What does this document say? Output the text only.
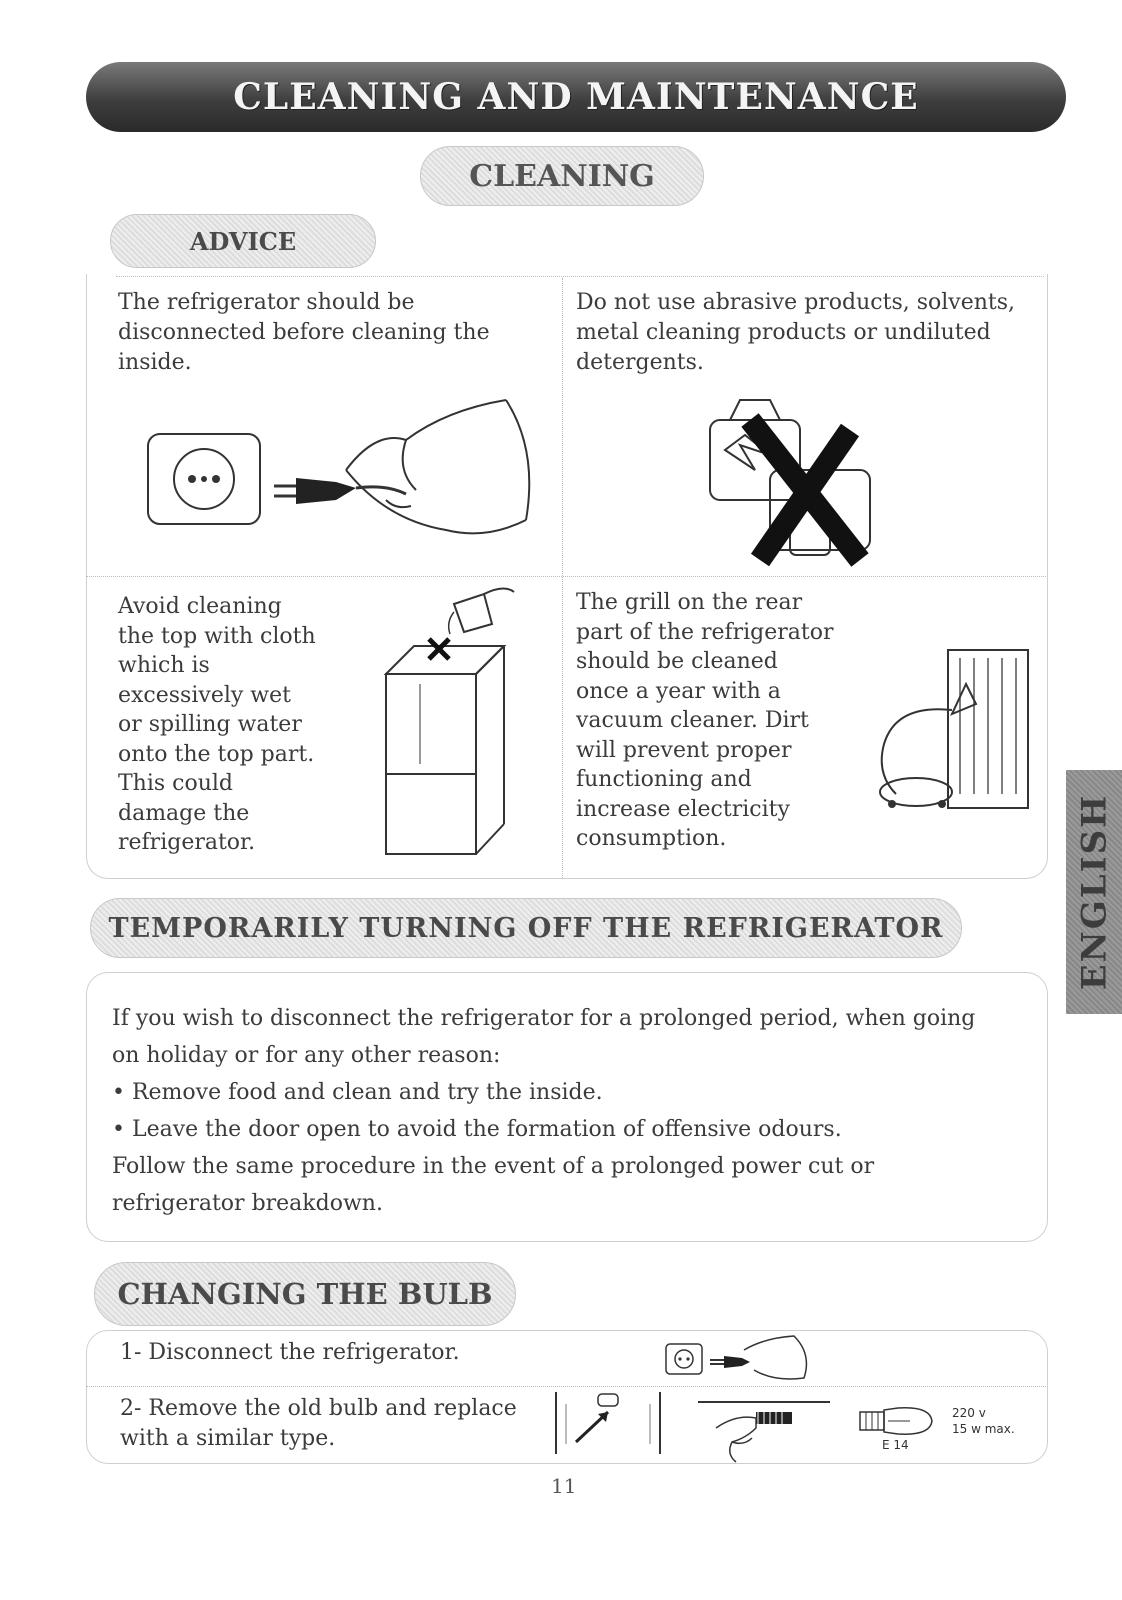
CLEANING AND MAINTENANCE
CLEANING
ADVICE

The refrigerator should be disconnected before cleaning the inside.

Do not use abrasive products, solvents, metal cleaning products or undiluted detergents.

Avoid cleaning

the top with cloth

which is

excessively wet

or spilling water

onto the top part.

This could

damage the

refrigerator.

The grill on the rear

part of the refrigerator

should be cleaned

once a year with a

vacuum cleaner. Dirt

will prevent proper

functioning and

increase electricity

consumption.

TEMPORARILY TURNING OFF THE REFRIGERATOR

If you wish to disconnect the refrigerator for a prolonged period, when going

on holiday or for any other reason:

• Remove food and clean and try the inside.

• Leave the door open to avoid the formation of offensive odours.

Follow the same procedure in the event of a prolonged power cut or

refrigerator breakdown.

CHANGING THE BULB

1- Disconnect the refrigerator.

2- Remove the old bulb and replace

with a similar type.	E 14
220 v
15 w max.
11
ENGLISH
